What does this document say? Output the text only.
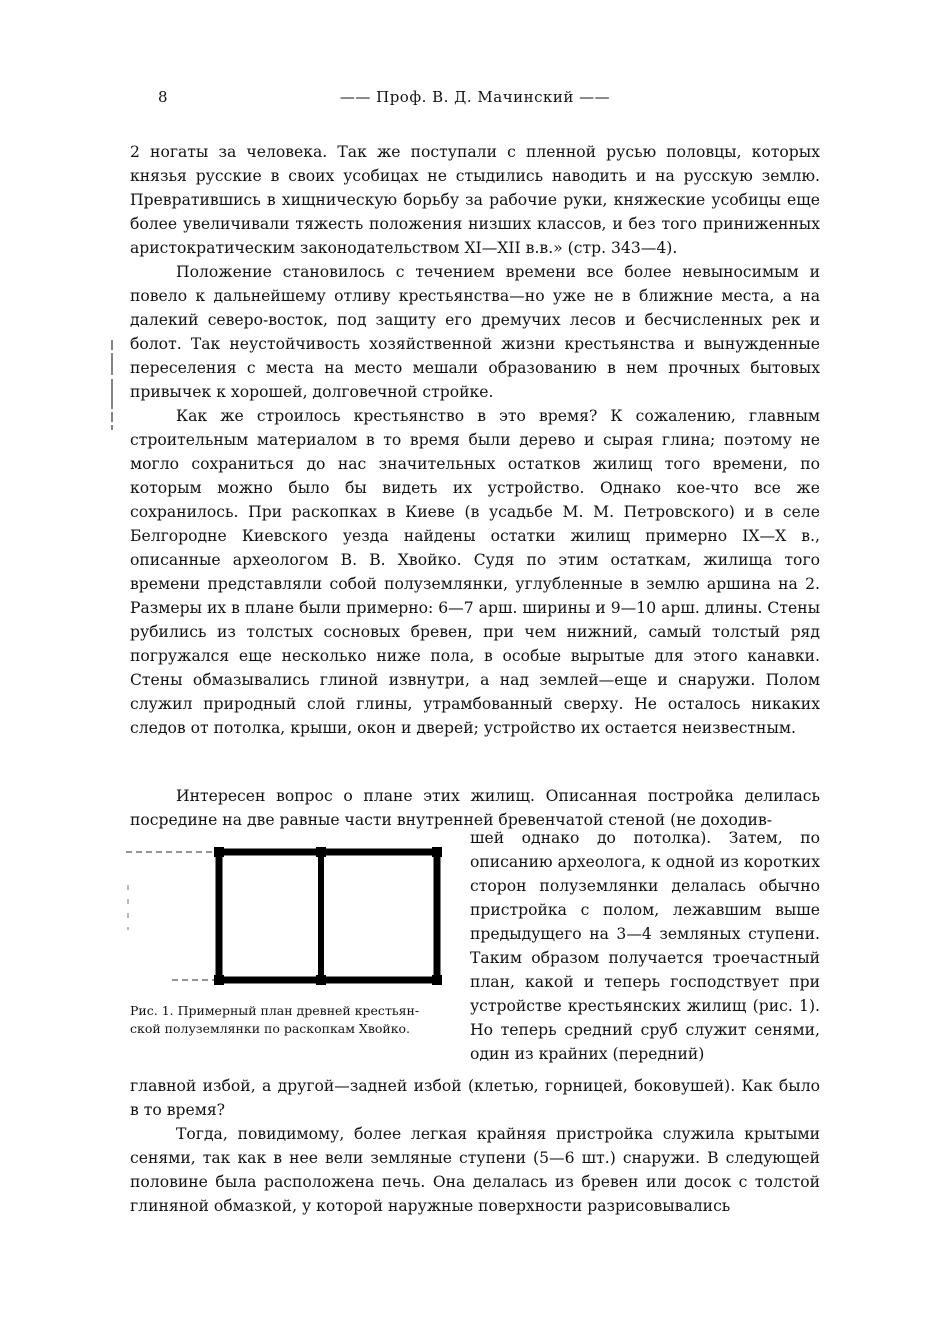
8	—— Проф. В. Д. Мачинский ——

2 ногаты за человека. Так же поступали с пленной русью половцы, которых князья русские в своих усобицах не стыдились наводить и на русскую землю. Превратившись в хищническую борьбу за рабочие руки, княжеские усобицы еще более увеличивали тяжесть положения низших классов, и без того приниженных аристократическим законодательством XI—XII в.в.» (стр. 343—4).

Положение становилось с течением времени все более невыносимым и повело к дальнейшему отливу крестьянства—но уже не в ближние места, а на далекий северо-восток, под защиту его дремучих лесов и бесчисленных рек и болот. Так неустойчивость хозяйственной жизни крестьянства и вынужденные переселения с места на место мешали образованию в нем прочных бытовых привычек к хорошей, долговечной стройке.

Как же строилось крестьянство в это время? К сожалению, главным строительным материалом в то время были дерево и сырая глина; поэтому не могло сохраниться до нас значительных остатков жилищ того времени, по которым можно было бы видеть их устройство. Однако кое-что все же сохранилось. При раскопках в Киеве (в усадьбе М. М. Петровского) и в селе Белгородне Киевского уезда найдены остатки жилищ примерно IX—X в., описанные археологом В. В. Хвойко. Судя по этим остаткам, жилища того времени представляли собой полуземлянки, углубленные в землю аршина на 2. Размеры их в плане были примерно: 6—7 арш. ширины и 9—10 арш. длины. Стены рубились из толстых сосновых бревен, при чем нижний, самый толстый ряд погружался еще несколько ниже пола, в особые вырытые для этого канавки. Стены обмазывались глиной извнутри, а над землей—еще и снаружи. Полом служил природный слой глины, утрамбованный сверху. Не осталось никаких следов от потолка, крыши, окон и дверей; устройство их остается неизвестным.

Интересен вопрос о плане этих жилищ. Описанная постройка делилась посредине на две равные части внутренней бревенчатой стеной (не доходив-

Рис. 1. Примерный план древней крестьян-
ской полуземлянки по раскопкам Хвойко.

шей однако до потолка). Затем, по описанию археолога, к одной из коротких сторон полуземлянки делалась обычно пристройка с полом, лежавшим выше предыдущего на 3—4 земляных ступени. Таким образом получается троечастный план, какой и теперь господствует при устройстве крестьянских жилищ (рис. 1). Но теперь средний сруб служит сенями, один из крайних (передний)

главной избой, а другой—задней избой (клетью, горницей, боковушей). Как было в то время?

Тогда, повидимому, более легкая крайняя пристройка служила крытыми сенями, так как в нее вели земляные ступени (5—6 шт.) снаружи. В следующей половине была расположена печь. Она делалась из бревен или досок с толстой глиняной обмазкой, у которой наружные поверхности разрисовывались
